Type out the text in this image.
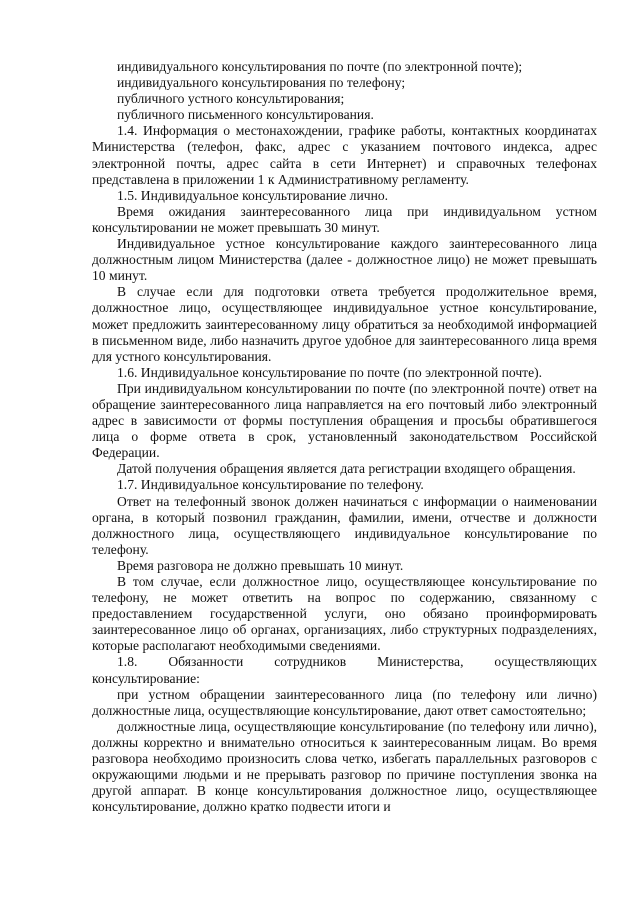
индивидуального консультирования по почте (по электронной почте);

индивидуального консультирования по телефону;

публичного устного консультирования;

публичного письменного консультирования.

1.4. Информация о местонахождении, графике работы, контактных координатах Министерства (телефон, факс, адрес с указанием почтового индекса, адрес электронной почты, адрес сайта в сети Интернет) и справочных телефонах представлена в приложении 1 к Административному регламенту.

1.5. Индивидуальное консультирование лично.

Время ожидания заинтересованного лица при индивидуальном устном консультировании не может превышать 30 минут.

Индивидуальное устное консультирование каждого заинтересованного лица должностным лицом Министерства (далее - должностное лицо) не может превышать 10 минут.

В случае если для подготовки ответа требуется продолжительное время, должностное лицо, осуществляющее индивидуальное устное консультирование, может предложить заинтересованному лицу обратиться за необходимой информацией в письменном виде, либо назначить другое удобное для заинтересованного лица время для устного консультирования.

1.6. Индивидуальное консультирование по почте (по электронной почте).

При индивидуальном консультировании по почте (по электронной почте) ответ на обращение заинтересованного лица направляется на его почтовый либо электронный адрес в зависимости от формы поступления обращения и просьбы обратившегося лица о форме ответа в срок, установленный законодательством Российской Федерации.

Датой получения обращения является дата регистрации входящего обращения.

1.7. Индивидуальное консультирование по телефону.

Ответ на телефонный звонок должен начинаться с информации о наименовании органа, в который позвонил гражданин, фамилии, имени, отчестве и должности должностного лица, осуществляющего индивидуальное консультирование по телефону.

Время разговора не должно превышать 10 минут.

В том случае, если должностное лицо, осуществляющее консультирование по телефону, не может ответить на вопрос по содержанию, связанному с предоставлением государственной услуги, оно обязано проинформировать заинтересованное лицо об органах, организациях, либо структурных подразделениях, которые располагают необходимыми сведениями.

1.8. Обязанности сотрудников Министерства, осуществляющих консультирование:

при устном обращении заинтересованного лица (по телефону или лично) должностные лица, осуществляющие консультирование, дают ответ самостоятельно;

должностные лица, осуществляющие консультирование (по телефону или лично), должны корректно и внимательно относиться к заинтересованным лицам. Во время разговора необходимо произносить слова четко, избегать параллельных разговоров с окружающими людьми и не прерывать разговор по причине поступления звонка на другой аппарат. В конце консультирования должностное лицо, осуществляющее консультирование, должно кратко подвести итоги и
